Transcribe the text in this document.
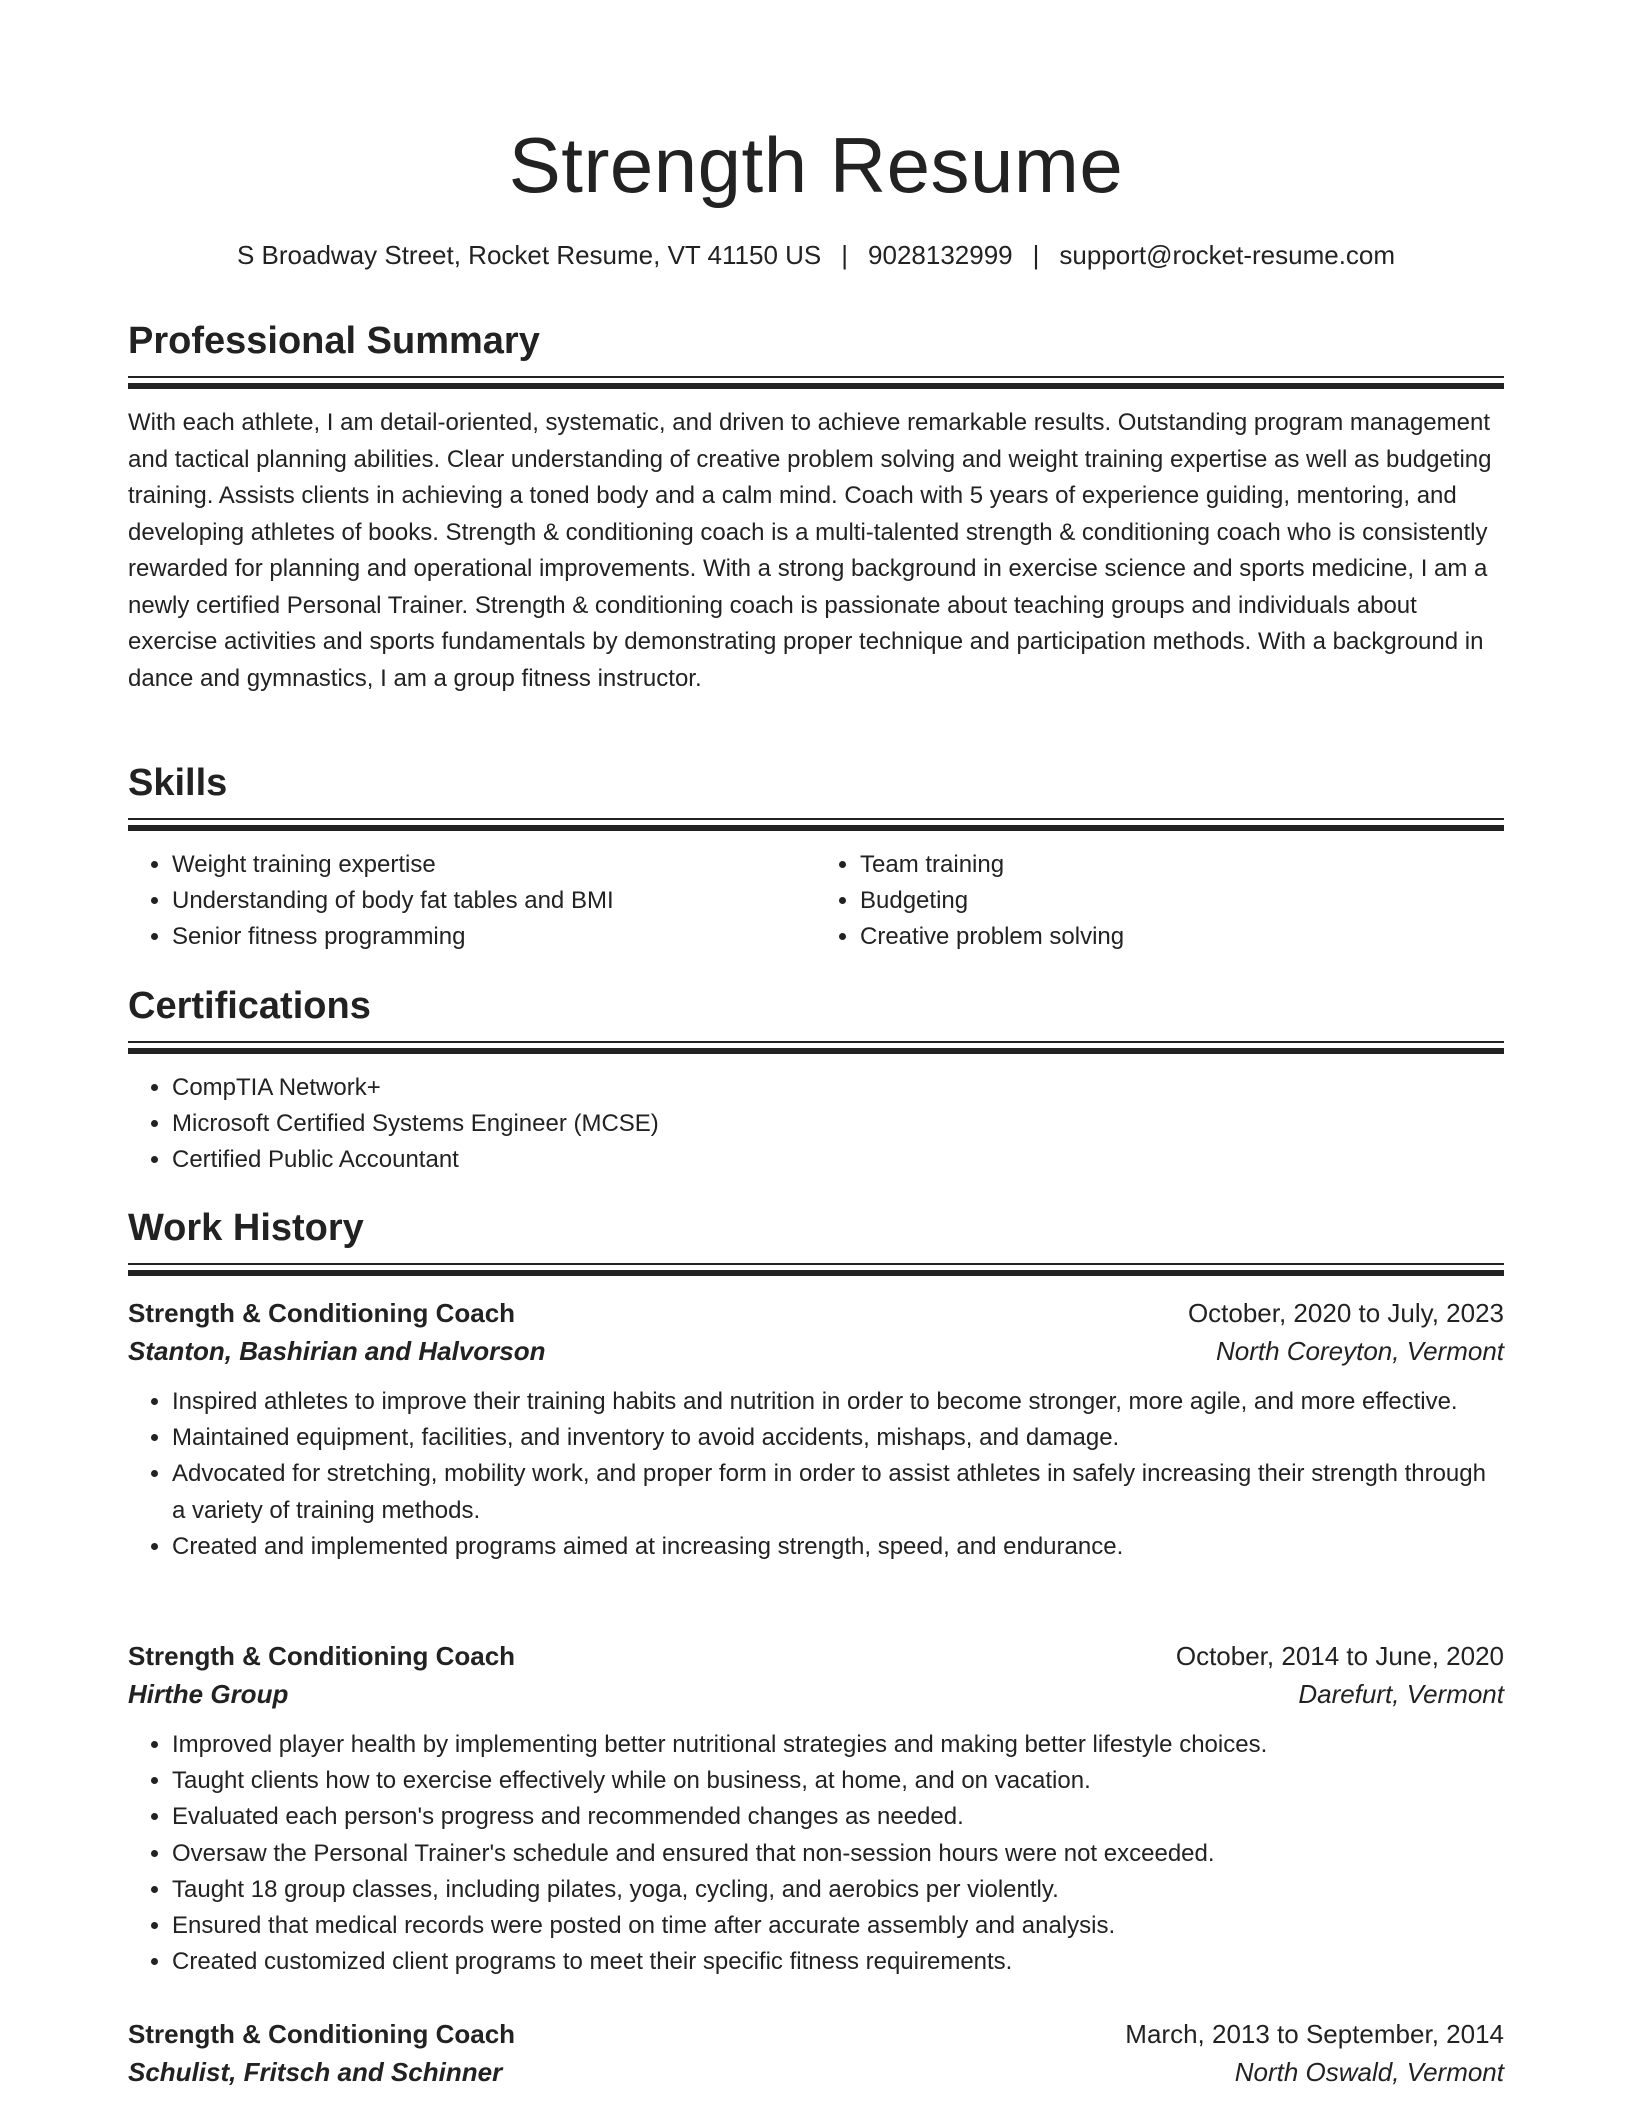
Strength Resume
S Broadway Street, Rocket Resume, VT 41150 US | 9028132999 | support@rocket-resume.com
Professional Summary
With each athlete, I am detail-oriented, systematic, and driven to achieve remarkable results. Outstanding program management and tactical planning abilities. Clear understanding of creative problem solving and weight training expertise as well as budgeting training. Assists clients in achieving a toned body and a calm mind. Coach with 5 years of experience guiding, mentoring, and developing athletes of books. Strength & conditioning coach is a multi-talented strength & conditioning coach who is consistently rewarded for planning and operational improvements. With a strong background in exercise science and sports medicine, I am a newly certified Personal Trainer. Strength & conditioning coach is passionate about teaching groups and individuals about exercise activities and sports fundamentals by demonstrating proper technique and participation methods. With a background in dance and gymnastics, I am a group fitness instructor.
Skills
• Weight training expertise
• Understanding of body fat tables and BMI
• Senior fitness programming
• Team training
• Budgeting
• Creative problem solving
Certifications
• CompTIA Network+
• Microsoft Certified Systems Engineer (MCSE)
• Certified Public Accountant
Work History
Strength & Conditioning Coach	October, 2020 to July, 2023
Stanton, Bashirian and Halvorson	North Coreyton, Vermont
• Inspired athletes to improve their training habits and nutrition in order to become stronger, more agile, and more effective.
• Maintained equipment, facilities, and inventory to avoid accidents, mishaps, and damage.
• Advocated for stretching, mobility work, and proper form in order to assist athletes in safely increasing their strength through a variety of training methods.
• Created and implemented programs aimed at increasing strength, speed, and endurance.
Strength & Conditioning Coach	October, 2014 to June, 2020
Hirthe Group	Darefurt, Vermont
• Improved player health by implementing better nutritional strategies and making better lifestyle choices.
• Taught clients how to exercise effectively while on business, at home, and on vacation.
• Evaluated each person's progress and recommended changes as needed.
• Oversaw the Personal Trainer's schedule and ensured that non-session hours were not exceeded.
• Taught 18 group classes, including pilates, yoga, cycling, and aerobics per violently.
• Ensured that medical records were posted on time after accurate assembly and analysis.
• Created customized client programs to meet their specific fitness requirements.
Strength & Conditioning Coach	March, 2013 to September, 2014
Schulist, Fritsch and Schinner	North Oswald, Vermont
